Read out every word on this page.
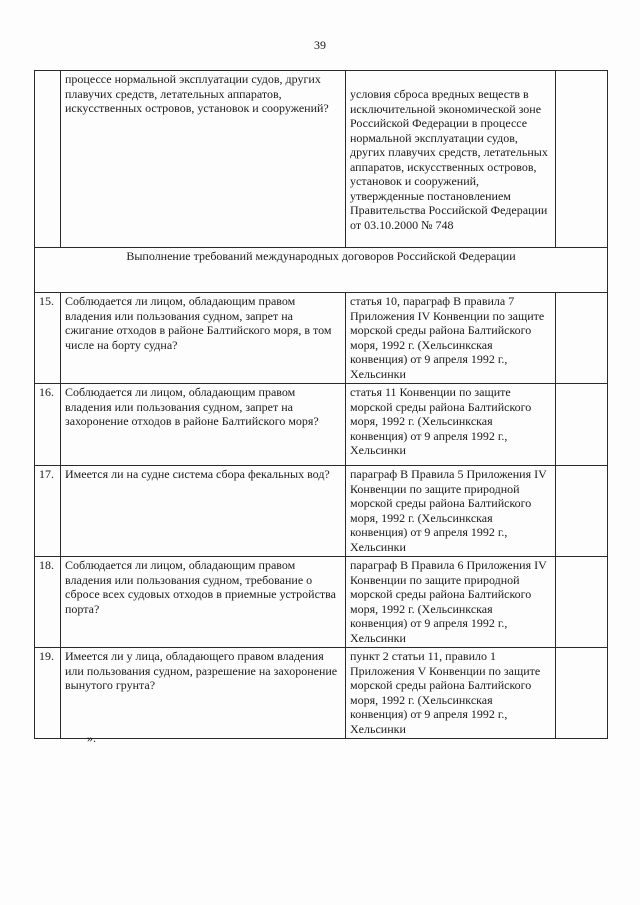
39
	процессе нормальной эксплуатации судов, других плавучих средств, летательных аппаратов, искусственных островов, установок и сооружений?	условия сброса вредных веществ в исключительной экономической зоне Российской Федерации в процессе нормальной эксплуатации судов, других плавучих средств, летательных аппаратов, искусственных островов, установок и сооружений, утвержденные постановлением Правительства Российской Федерации от 03.10.2000 № 748	
Выполнение требований международных договоров Российской Федерации			
15.	Соблюдается ли лицом, обладающим правом владения или пользования судном, запрет на сжигание отходов в районе Балтийского моря, в том числе на борту судна?	статья 10, параграф В правила 7 Приложения IV Конвенции по защите морской среды района Балтийского моря, 1992 г. (Хельсинкская конвенция) от 9 апреля 1992 г., Хельсинки	
16.	Соблюдается ли лицом, обладающим правом владения или пользования судном, запрет на захоронение отходов в районе Балтийского моря?	статья 11 Конвенции по защите морской среды района Балтийского моря, 1992 г. (Хельсинкская конвенция) от 9 апреля 1992 г., Хельсинки	
17.	Имеется ли на судне система сбора фекальных вод?	параграф В Правила 5 Приложения IV Конвенции по защите природной морской среды района Балтийского моря, 1992 г. (Хельсинкская конвенция) от 9 апреля 1992 г., Хельсинки	
18.	Соблюдается ли лицом, обладающим правом владения или пользования судном, требование о сбросе всех судовых отходов в приемные устройства порта?	параграф В Правила 6 Приложения IV Конвенции по защите природной морской среды района Балтийского моря, 1992 г. (Хельсинкская конвенция) от 9 апреля 1992 г., Хельсинки	
19.	Имеется ли у лица, обладающего правом владения или пользования судном, разрешение на захоронение вынутого грунта?	пункт 2 статьи 11, правило 1 Приложения V Конвенции по защите морской среды района Балтийского моря, 1992 г. (Хельсинкская конвенция) от 9 апреля 1992 г., Хельсинки	
».
